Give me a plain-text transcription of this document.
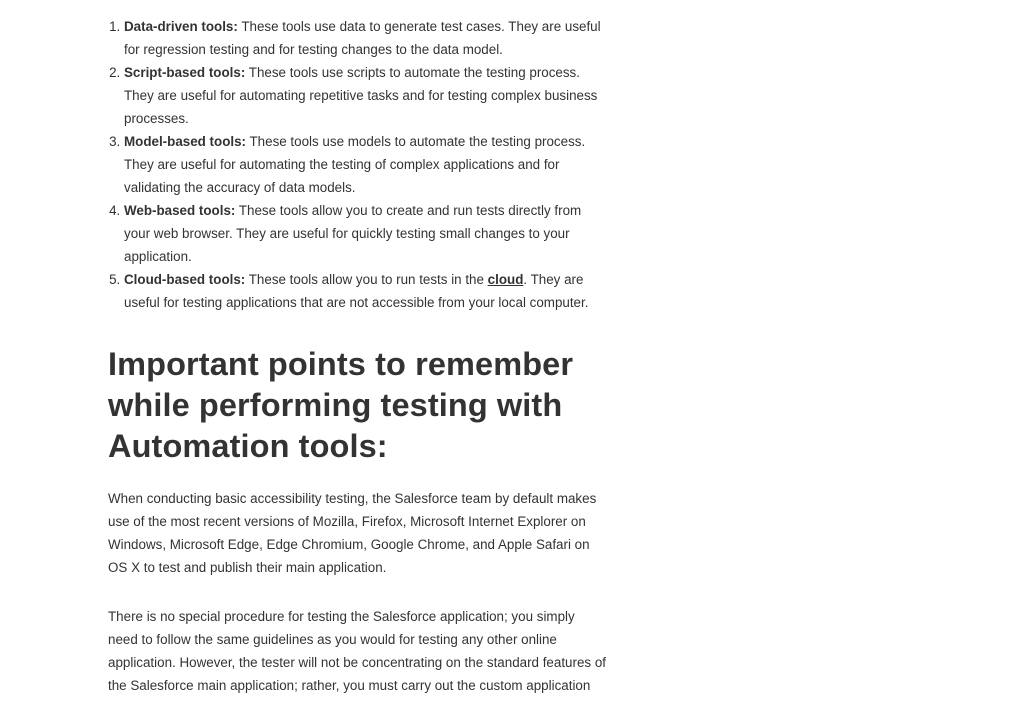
1. Data-driven tools: These tools use data to generate test cases. They are useful for regression testing and for testing changes to the data model.
2. Script-based tools: These tools use scripts to automate the testing process. They are useful for automating repetitive tasks and for testing complex business processes.
3. Model-based tools: These tools use models to automate the testing process. They are useful for automating the testing of complex applications and for validating the accuracy of data models.
4. Web-based tools: These tools allow you to create and run tests directly from your web browser. They are useful for quickly testing small changes to your application.
5. Cloud-based tools: These tools allow you to run tests in the cloud. They are useful for testing applications that are not accessible from your local computer.
Important points to remember while performing testing with Automation tools:

When conducting basic accessibility testing, the Salesforce team by default makes use of the most recent versions of Mozilla, Firefox, Microsoft Internet Explorer on Windows, Microsoft Edge, Edge Chromium, Google Chrome, and Apple Safari on OS X to test and publish their main application.

There is no special procedure for testing the Salesforce application; you simply need to follow the same guidelines as you would for testing any other online application. However, the tester will not be concentrating on the standard features of the Salesforce main application; rather, you must carry out the custom application
